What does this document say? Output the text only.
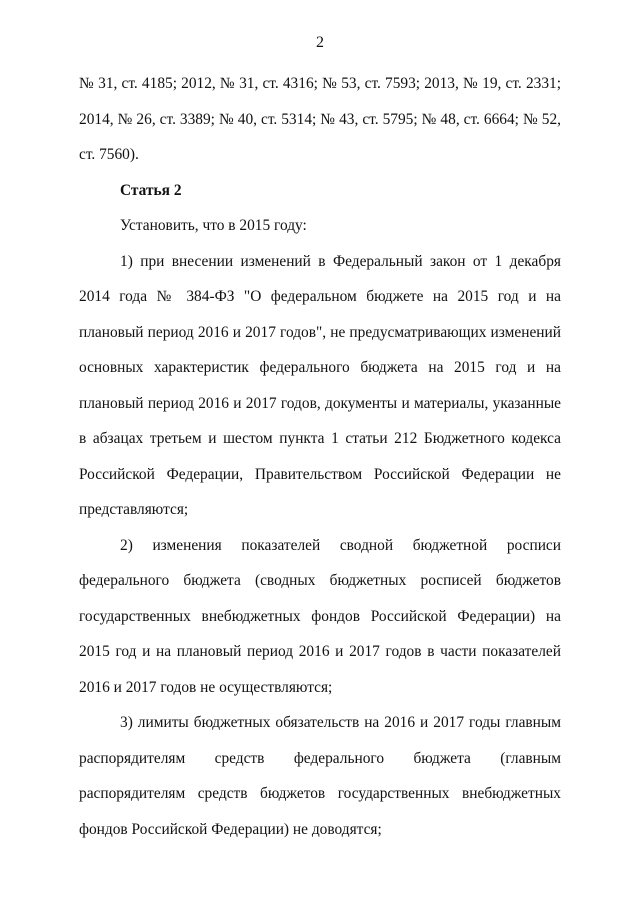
2

№ 31, ст. 4185; 2012, № 31, ст. 4316; № 53, ст. 7593; 2013, № 19, ст. 2331; 2014, № 26, ст. 3389; № 40, ст. 5314; № 43, ст. 5795; № 48, ст. 6664; № 52, ст. 7560).

Статья 2

Установить, что в 2015 году:

1) при внесении изменений в Федеральный закон от 1 декабря 2014 года № 384-ФЗ "О федеральном бюджете на 2015 год и на плановый период 2016 и 2017 годов", не предусматривающих изменений основных характеристик федерального бюджета на 2015 год и на плановый период 2016 и 2017 годов, документы и материалы, указанные в абзацах третьем и шестом пункта 1 статьи 212 Бюджетного кодекса Российской Федерации, Правительством Российской Федерации не представляются;

2) изменения показателей сводной бюджетной росписи федерального бюджета (сводных бюджетных росписей бюджетов государственных внебюджетных фондов Российской Федерации) на 2015 год и на плановый период 2016 и 2017 годов в части показателей 2016 и 2017 годов не осуществляются;

3) лимиты бюджетных обязательств на 2016 и 2017 годы главным распорядителям средств федерального бюджета (главным распорядителям средств бюджетов государственных внебюджетных фондов Российской Федерации) не доводятся;
